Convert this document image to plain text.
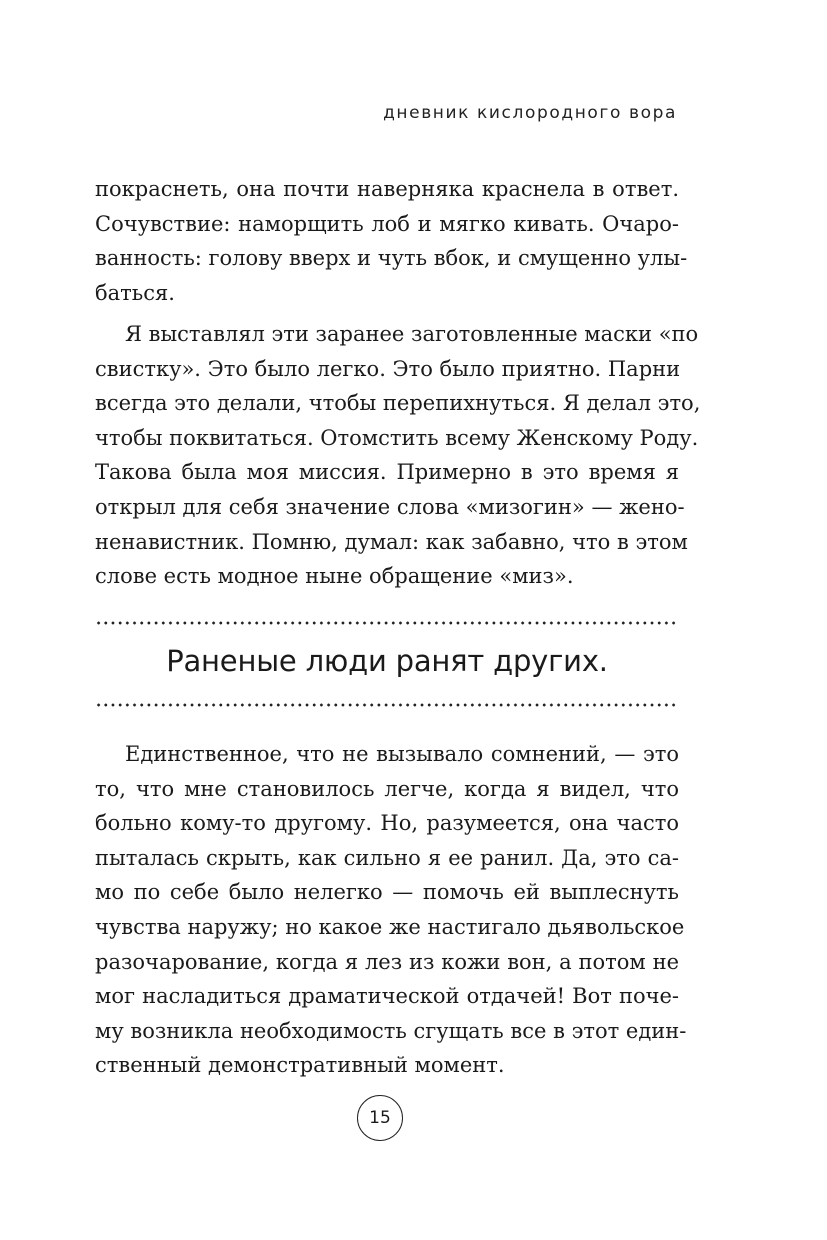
дневник кислородного вора
покраснеть, она почти наверняка краснела в ответ.
Сочувствие: наморщить лоб и мягко кивать. Очаро-
ванность: голову вверх и чуть вбок, и смущенно улы-
баться.
Я выставлял эти заранее заготовленные маски «по
свистку». Это было легко. Это было приятно. Парни
всегда это делали, чтобы перепихнуться. Я делал это,
чтобы поквитаться. Отомстить всему Женскому Роду.
Такова была моя миссия. Примерно в это время я
открыл для себя значение слова «мизогин» — жено-
ненавистник. Помню, думал: как забавно, что в этом
слове есть модное ныне обращение «миз».
Раненые люди ранят других.
Единственное, что не вызывало сомнений, — это
то, что мне становилось легче, когда я видел, что
больно кому-то другому. Но, разумеется, она часто
пыталась скрыть, как сильно я ее ранил. Да, это са-
мо по себе было нелегко — помочь ей выплеснуть
чувства наружу; но какое же настигало дьявольское
разочарование, когда я лез из кожи вон, а потом не
мог насладиться драматической отдачей! Вот поче-
му возникла необходимость сгущать все в этот един-
ственный демонстративный момент.
15
